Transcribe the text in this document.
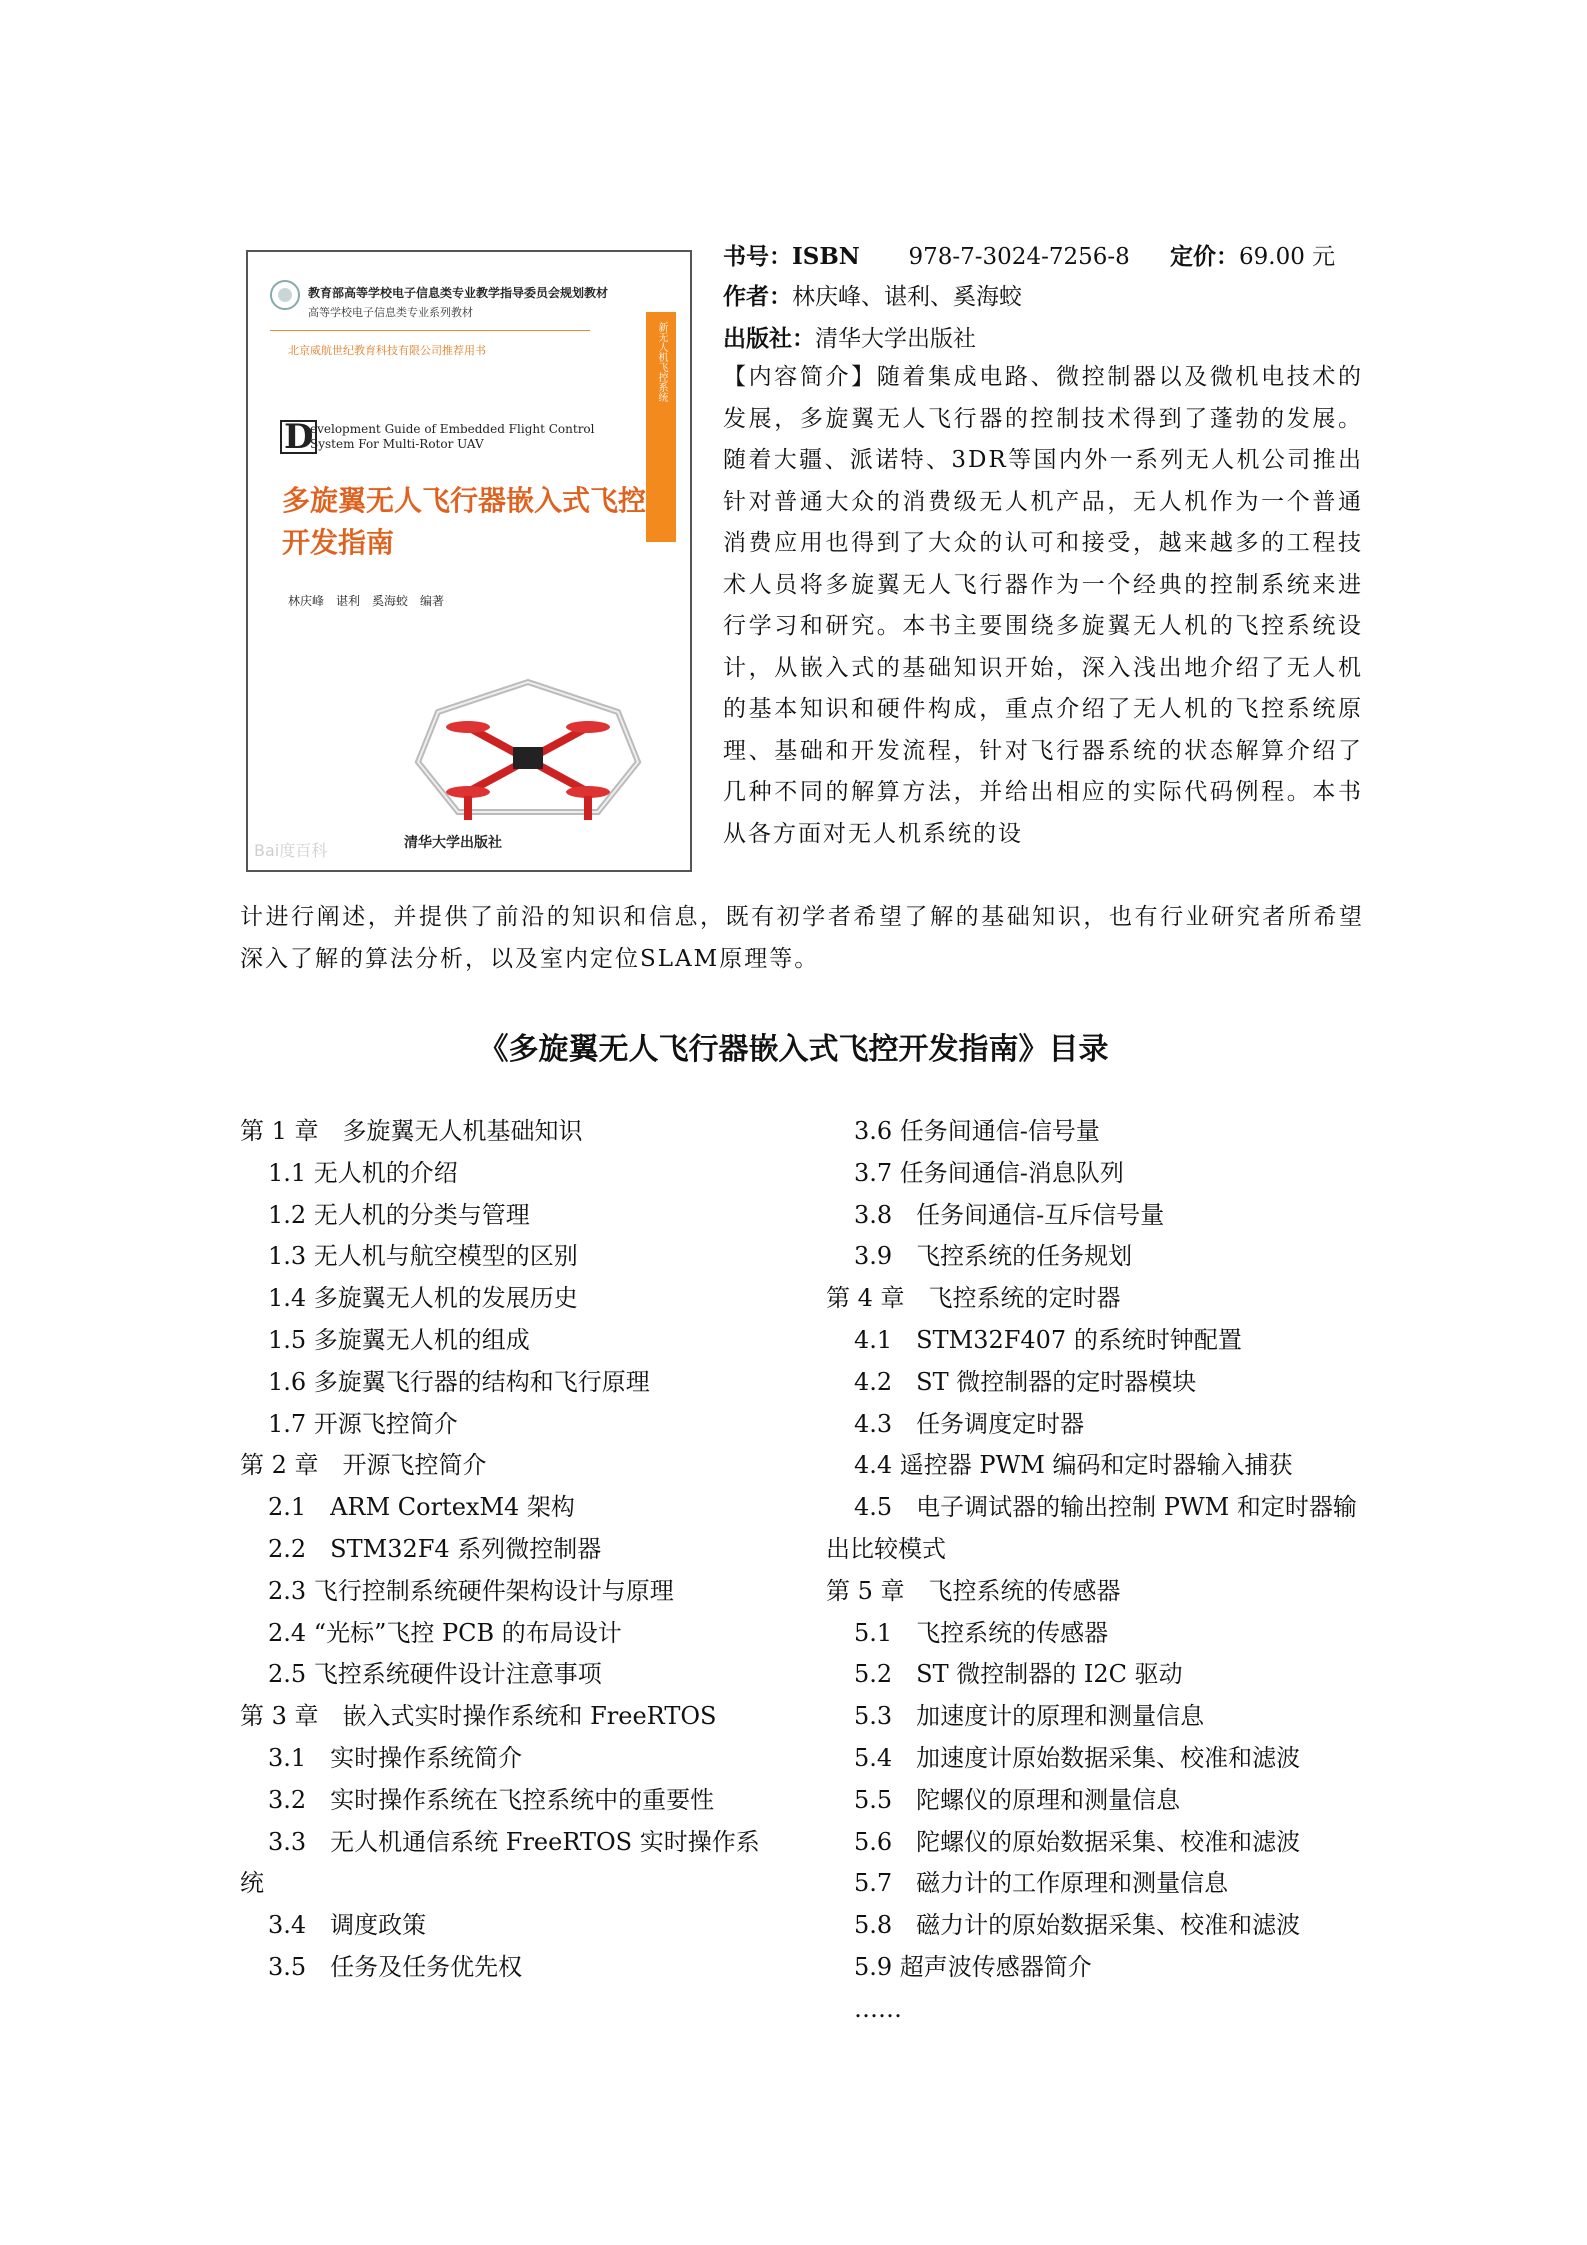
教育部高等学校电子信息类专业教学指导委员会规划教材
高等学校电子信息类专业系列教材
北京威航世纪教育科技有限公司推荐用书	新无人机飞控系统
D
evelopment Guide of Embedded Flight Control System For Multi-Rotor UAV
多旋翼无人飞行器嵌入式飞控开发指南
林庆峰　谌利　奚海蛟　编著
Bai度百科	清华大学出版社
书号：ISBN 978-7-3024-7256-8	定价：69.00 元
作者：林庆峰、谌利、奚海蛟
出版社：清华大学出版社
【内容简介】随着集成电路、微控制器以及微机电技术的发展，多旋翼无人飞行器的控制技术得到了蓬勃的发展。随着大疆、派诺特、3DR等国内外一系列无人机公司推出针对普通大众的消费级无人机产品，无人机作为一个普通消费应用也得到了大众的认可和接受，越来越多的工程技术人员将多旋翼无人飞行器作为一个经典的控制系统来进行学习和研究。本书主要围绕多旋翼无人机的飞控系统设计，从嵌入式的基础知识开始，深入浅出地介绍了无人机的基本知识和硬件构成，重点介绍了无人机的飞控系统原理、基础和开发流程，针对飞行器系统的状态解算介绍了几种不同的解算方法，并给出相应的实际代码例程。本书从各方面对无人机系统的设
计进行阐述，并提供了前沿的知识和信息，既有初学者希望了解的基础知识，也有行业研究者所希望深入了解的算法分析，以及室内定位SLAM原理等。
《多旋翼无人飞行器嵌入式飞控开发指南》目录
第 1 章　多旋翼无人机基础知识
1.1 无人机的介绍
1.2 无人机的分类与管理
1.3 无人机与航空模型的区别
1.4 多旋翼无人机的发展历史
1.5 多旋翼无人机的组成
1.6 多旋翼飞行器的结构和飞行原理
1.7 开源飞控简介
第 2 章　开源飞控简介
2.1　ARM CortexM4 架构
2.2　STM32F4 系列微控制器
2.3 飞行控制系统硬件架构设计与原理
2.4 “光标”飞控 PCB 的布局设计
2.5 飞控系统硬件设计注意事项
第 3 章　嵌入式实时操作系统和 FreeRTOS
3.1　实时操作系统简介
3.2　实时操作系统在飞控系统中的重要性
3.3　无人机通信系统 FreeRTOS 实时操作系统
3.4　调度政策
3.5　任务及任务优先权
3.6 任务间通信-信号量
3.7 任务间通信-消息队列
3.8　任务间通信-互斥信号量
3.9　飞控系统的任务规划
第 4 章　飞控系统的定时器
4.1　STM32F407 的系统时钟配置
4.2　ST 微控制器的定时器模块
4.3　任务调度定时器
4.4 遥控器 PWM 编码和定时器输入捕获
4.5　电子调试器的输出控制 PWM 和定时器输出比较模式
第 5 章　飞控系统的传感器
5.1　飞控系统的传感器
5.2　ST 微控制器的 I2C 驱动
5.3　加速度计的原理和测量信息
5.4　加速度计原始数据采集、校准和滤波
5.5　陀螺仪的原理和测量信息
5.6　陀螺仪的原始数据采集、校准和滤波
5.7　磁力计的工作原理和测量信息
5.8　磁力计的原始数据采集、校准和滤波
5.9 超声波传感器简介
……
